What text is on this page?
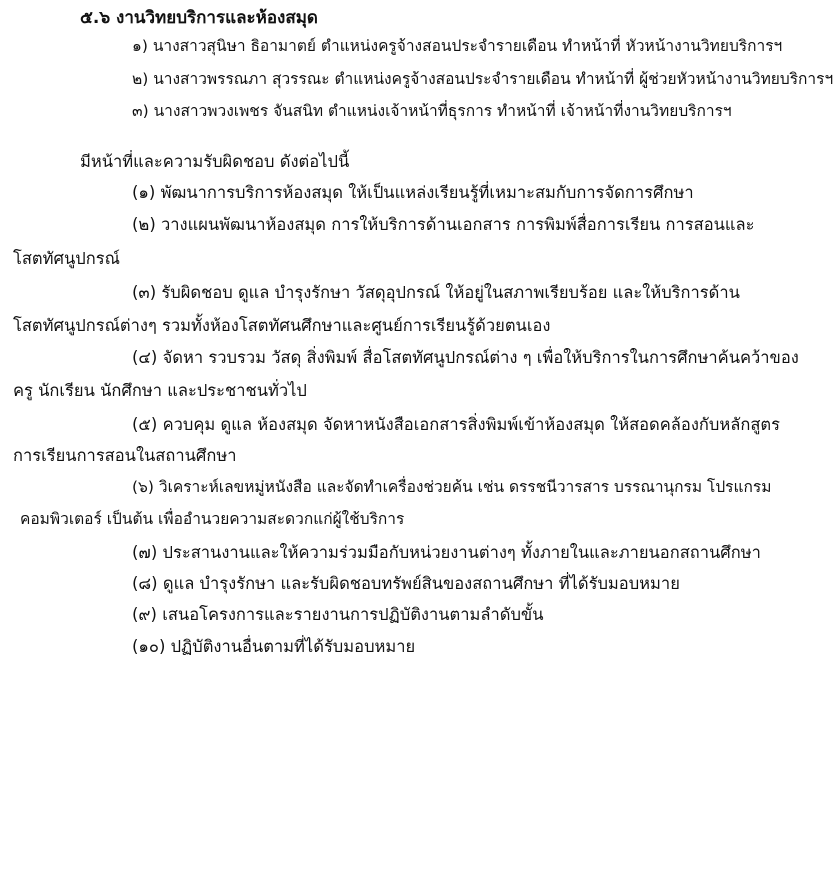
๕.๖ งานวิทยบริการและห้องสมุด
๑) นางสาวสุนิษา ธิอามาตย์ ตำแหน่งครูจ้างสอนประจำรายเดือน ทำหน้าที่ หัวหน้างานวิทยบริการฯ
๒) นางสาวพรรณภา สุวรรณะ ตำแหน่งครูจ้างสอนประจำรายเดือน ทำหน้าที่ ผู้ช่วยหัวหน้างานวิทยบริการฯ
๓) นางสาวพวงเพชร จันสนิท ตำแหน่งเจ้าหน้าที่ธุรการ ทำหน้าที่ เจ้าหน้าที่งานวิทยบริการฯ
มีหน้าที่และความรับผิดชอบ ดังต่อไปนี้
(๑) พัฒนาการบริการห้องสมุด ให้เป็นแหล่งเรียนรู้ที่เหมาะสมกับการจัดการศึกษา
(๒) วางแผนพัฒนาห้องสมุด การให้บริการด้านเอกสาร การพิมพ์สื่อการเรียน การสอนและ
โสตทัศนูปกรณ์
(๓) รับผิดชอบ ดูแล บำรุงรักษา วัสดุอุปกรณ์ ให้อยู่ในสภาพเรียบร้อย และให้บริการด้าน
โสตทัศนูปกรณ์ต่างๆ รวมทั้งห้องโสตทัศนศึกษาและศูนย์การเรียนรู้ด้วยตนเอง
(๔) จัดหา รวบรวม วัสดุ สิ่งพิมพ์ สื่อโสตทัศนูปกรณ์ต่าง ๆ เพื่อให้บริการในการศึกษาค้นคว้าของ
ครู นักเรียน นักศึกษา และประชาชนทั่วไป
(๕) ควบคุม ดูแล ห้องสมุด จัดหาหนังสือเอกสารสิ่งพิมพ์เข้าห้องสมุด ให้สอดคล้องกับหลักสูตร
การเรียนการสอนในสถานศึกษา
(๖) วิเคราะห์เลขหมู่หนังสือ และจัดทำเครื่องช่วยค้น เช่น ดรรชนีวารสาร บรรณานุกรม โปรแกรม
คอมพิวเตอร์ เป็นต้น เพื่ออำนวยความสะดวกแก่ผู้ใช้บริการ
(๗) ประสานงานและให้ความร่วมมือกับหน่วยงานต่างๆ ทั้งภายในและภายนอกสถานศึกษา
(๘) ดูแล บำรุงรักษา และรับผิดชอบทรัพย์สินของสถานศึกษา ที่ได้รับมอบหมาย
(๙) เสนอโครงการและรายงานการปฏิบัติงานตามลำดับขั้น
(๑๐) ปฏิบัติงานอื่นตามที่ได้รับมอบหมาย
